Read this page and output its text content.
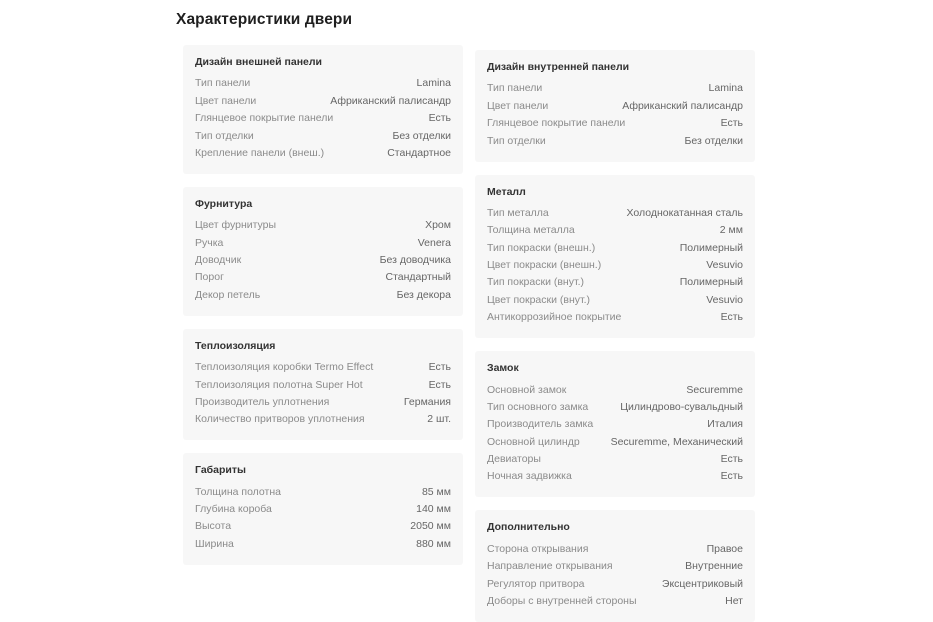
Характеристики двери
Дизайн внешней панели
Тип панели	Lamina
Цвет панели	Африканский палисандр
Глянцевое покрытие панели	Есть
Тип отделки	Без отделки
Крепление панели (внеш.)	Стандартное
Фурнитура
Цвет фурнитуры	Хром
Ручка	Venera
Доводчик	Без доводчика
Порог	Стандартный
Декор петель	Без декора
Теплоизоляция
Теплоизоляция коробки Termo Effect	Есть
Теплоизоляция полотна Super Hot	Есть
Производитель уплотнения	Германия
Количество притворов уплотнения	2 шт.
Габариты
Толщина полотна	85 мм
Глубина короба	140 мм
Высота	2050 мм
Ширина	880 мм
Дизайн внутренней панели
Тип панели	Lamina
Цвет панели	Африканский палисандр
Глянцевое покрытие панели	Есть
Тип отделки	Без отделки
Металл
Тип металла	Холоднокатанная сталь
Толщина металла	2 мм
Тип покраски (внешн.)	Полимерный
Цвет покраски (внешн.)	Vesuvio
Тип покраски (внут.)	Полимерный
Цвет покраски (внут.)	Vesuvio
Антикоррозийное покрытие	Есть
Замок
Основной замок	Securemme
Тип основного замка	Цилиндрово-сувальдный
Производитель замка	Италия
Основной цилиндр	Securemme, Механический
Девиаторы	Есть
Ночная задвижка	Есть
Дополнительно
Сторона открывания	Правое
Направление открывания	Внутренние
Регулятор притвора	Эксцентриковый
Доборы с внутренней стороны	Нет
